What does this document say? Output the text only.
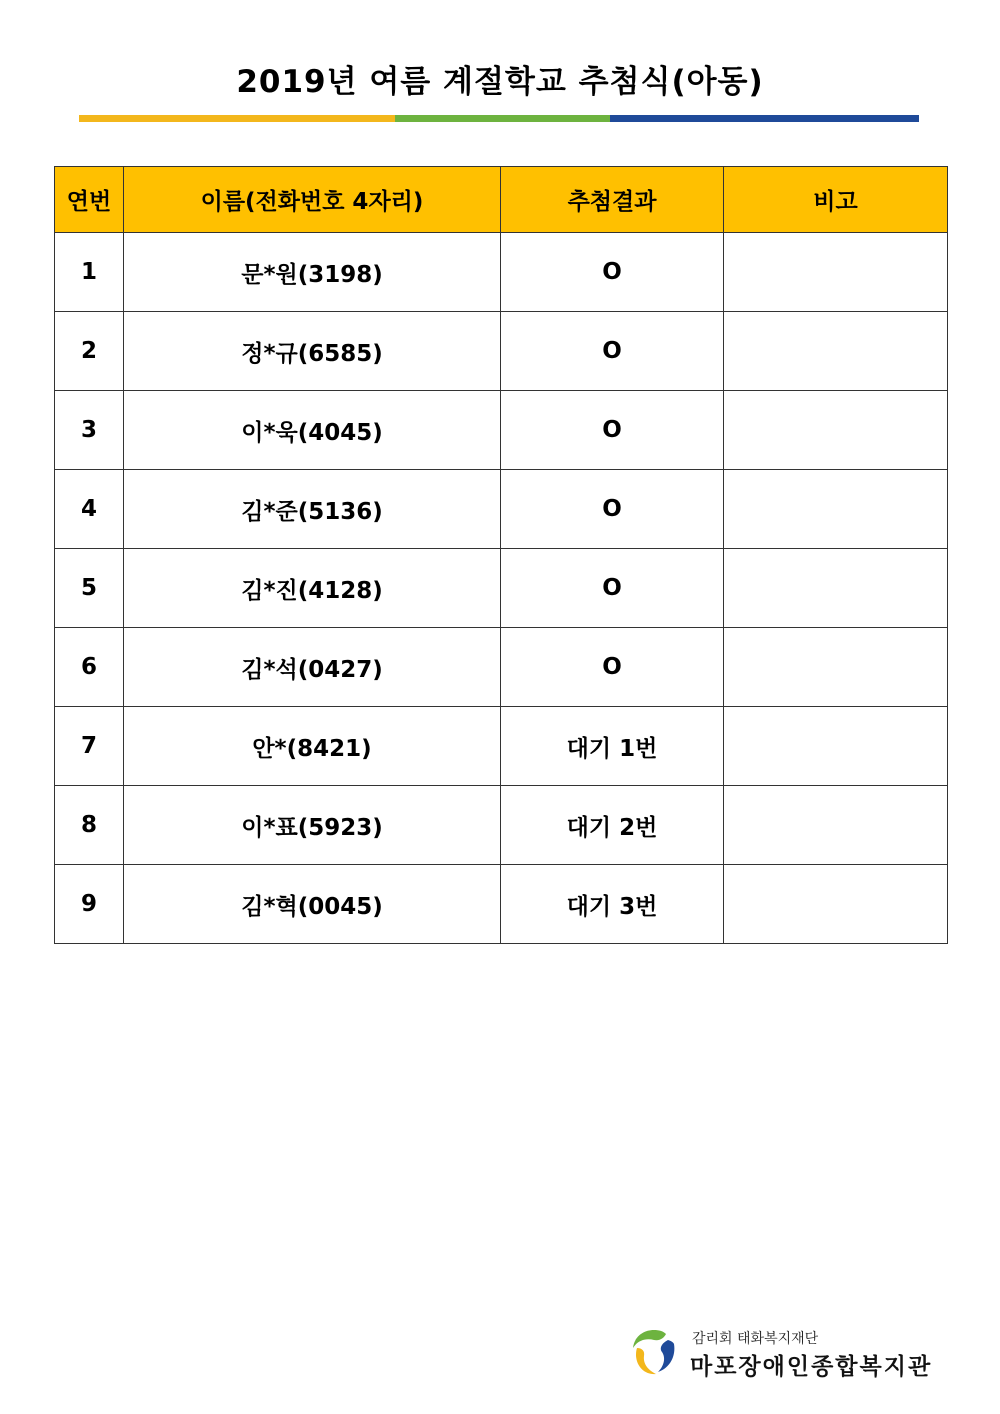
2019년 여름 계절학교 추첨식(아동)
연번	이름(전화번호 4자리)	추첨결과	비고
1	문*원(3198)	O	
2	정*규(6585)	O	
3	이*욱(4045)	O	
4	김*준(5136)	O	
5	김*진(4128)	O	
6	김*석(0427)	O	
7	안*(8421)	대기 1번	
8	이*표(5923)	대기 2번	
9	김*혁(0045)	대기 3번	
감리회 태화복지재단
마포장애인종합복지관
